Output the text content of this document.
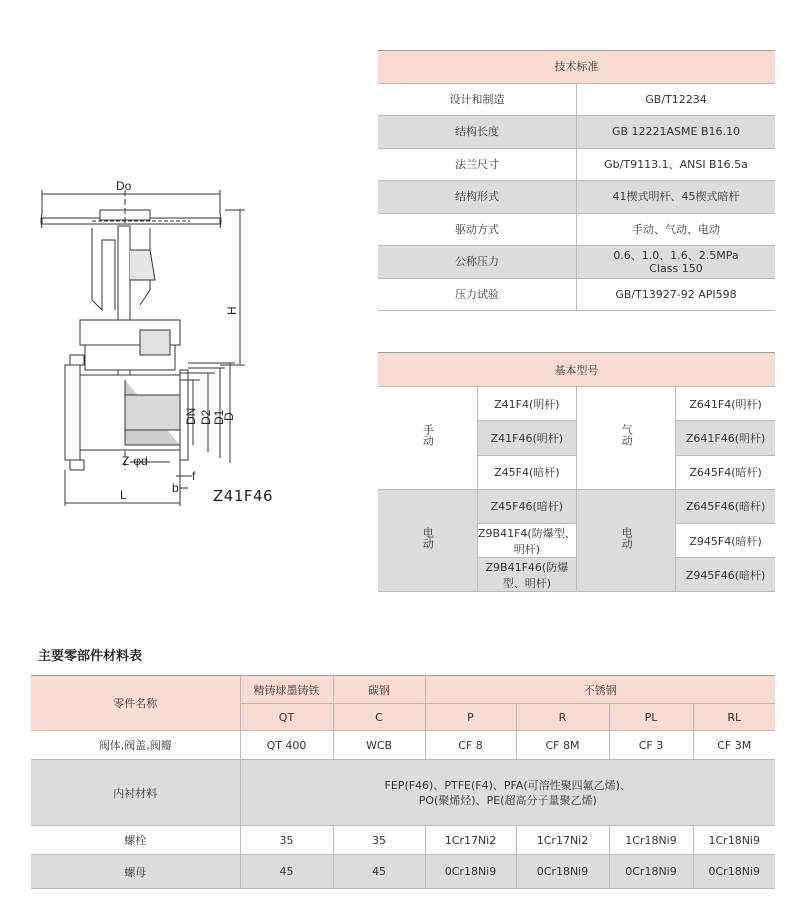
Do
H
DN D2 D1
D
Z-φd
b
f
L	Z41F46
技术标准	
设计和制造	GB/T12234
结构长度	GB 12221ASME B16.10
法兰尺寸	Gb/T9113.1、ANSI B16.5a
结构形式	41楔式明杆、45楔式暗杆
驱动方式	手动、气动、电动
公称压力	0.6、1.0、1.6、2.5MPa
Class 150

压力试验	GB/T13927-92 API598
基本型号			
手动	Z41F4(明杆)	气动	Z641F4(明杆)
	Z41F46(明杆)		Z641F46(明杆)
	Z45F4(暗杆)		Z645F4(暗杆)
电动	Z45F46(暗杆)	电动	Z645F46(暗杆)
	Z9B41F4(防爆型、明杆)		Z945F4(暗杆)
	Z9B41F46(防爆型、明杆)		Z945F46(暗杆)
主要零部件材料表
零件名称	精铸球墨铸铁	碳钢	不锈钢			
	QT	C	P	R	PL	RL
阀体,阀盖,阀瓣	QT 400	WCB	CF 8	CF 8M	CF 3	CF 3M
内衬材料	FEP(F46)、PTFE(F4)、PFA(可溶性聚四氟乙烯)、
PO(聚烯烃)、PE(超高分子量聚乙烯)					

螺栓	35	35	1Cr17Ni2	1Cr17Ni2	1Cr18Ni9	1Cr18Ni9
螺母	45	45	0Cr18Ni9	0Cr18Ni9	0Cr18Ni9	0Cr18Ni9
